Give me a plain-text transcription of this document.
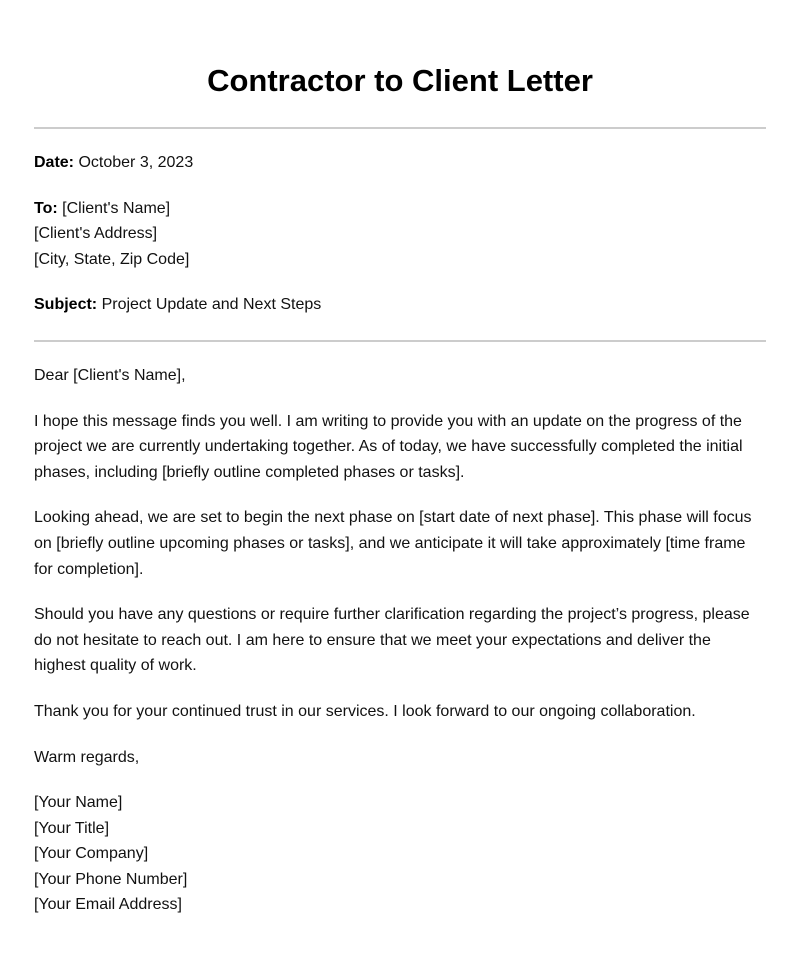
Contractor to Client Letter

Date: October 3, 2023

To: [Client's Name]
[Client's Address]
[City, State, Zip Code]

Subject: Project Update and Next Steps

Dear [Client's Name],

I hope this message finds you well. I am writing to provide you with an update on the progress of the project we are currently undertaking together. As of today, we have successfully completed the initial phases, including [briefly outline completed phases or tasks].

Looking ahead, we are set to begin the next phase on [start date of next phase]. This phase will focus on [briefly outline upcoming phases or tasks], and we anticipate it will take approximately [time frame for completion].

Should you have any questions or require further clarification regarding the project’s progress, please do not hesitate to reach out. I am here to ensure that we meet your expectations and deliver the highest quality of work.

Thank you for your continued trust in our services. I look forward to our ongoing collaboration.

Warm regards,

[Your Name]
[Your Title]
[Your Company]
[Your Phone Number]
[Your Email Address]
